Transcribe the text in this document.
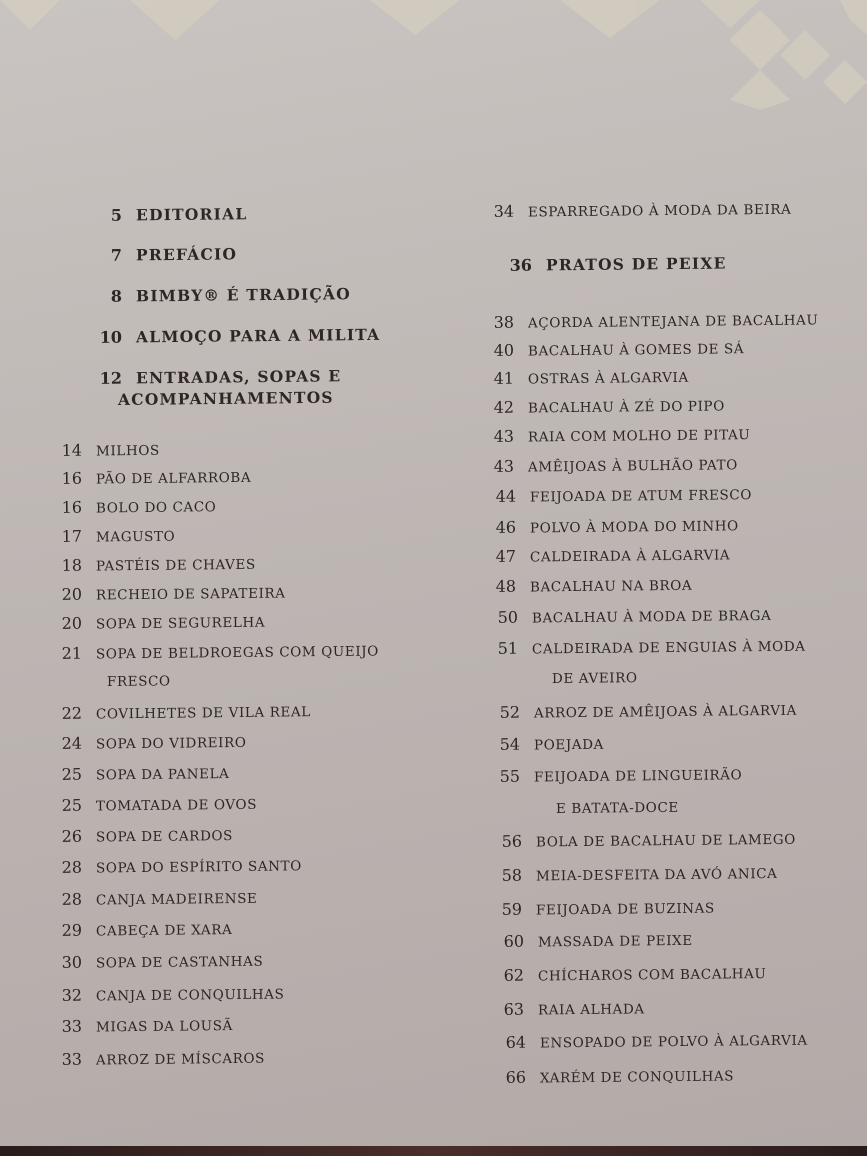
5 EDITORIAL
7 PREFÁCIO
8 BIMBY® É TRADIÇÃO
10 ALMOÇO PARA A MILITA
12 ENTRADAS, SOPAS E
ACOMPANHAMENTOS
14 MILHOS
16 PÃO DE ALFARROBA
16 BOLO DO CACO
17 MAGUSTO
18 PASTÉIS DE CHAVES
20 RECHEIO DE SAPATEIRA
20 SOPA DE SEGURELHA
21 SOPA DE BELDROEGAS COM QUEIJO
FRESCO
22 COVILHETES DE VILA REAL
24 SOPA DO VIDREIRO
25 SOPA DA PANELA
25 TOMATADA DE OVOS
26 SOPA DE CARDOS
28 SOPA DO ESPÍRITO SANTO
28 CANJA MADEIRENSE
29 CABEÇA DE XARA
30 SOPA DE CASTANHAS
32 CANJA DE CONQUILHAS
33 MIGAS DA LOUSÃ
33 ARROZ DE MÍSCAROS
34 ESPARREGADO À MODA DA BEIRA
36 PRATOS DE PEIXE
38 AÇORDA ALENTEJANA DE BACALHAU
40 BACALHAU À GOMES DE SÁ
41 OSTRAS À ALGARVIA
42 BACALHAU À ZÉ DO PIPO
43 RAIA COM MOLHO DE PITAU
43 AMÊIJOAS À BULHÃO PATO
44 FEIJOADA DE ATUM FRESCO
46 POLVO À MODA DO MINHO
47 CALDEIRADA À ALGARVIA
48 BACALHAU NA BROA
50 BACALHAU À MODA DE BRAGA
51 CALDEIRADA DE ENGUIAS À MODA
DE AVEIRO
52 ARROZ DE AMÊIJOAS À ALGARVIA
54 POEJADA
55 FEIJOADA DE LINGUEIRÃO
E BATATA-DOCE
56 BOLA DE BACALHAU DE LAMEGO
58 MEIA-DESFEITA DA AVÓ ANICA
59 FEIJOADA DE BUZINAS
60 MASSADA DE PEIXE
62 CHÍCHAROS COM BACALHAU
63 RAIA ALHADA
64 ENSOPADO DE POLVO À ALGARVIA
66 XARÉM DE CONQUILHAS
